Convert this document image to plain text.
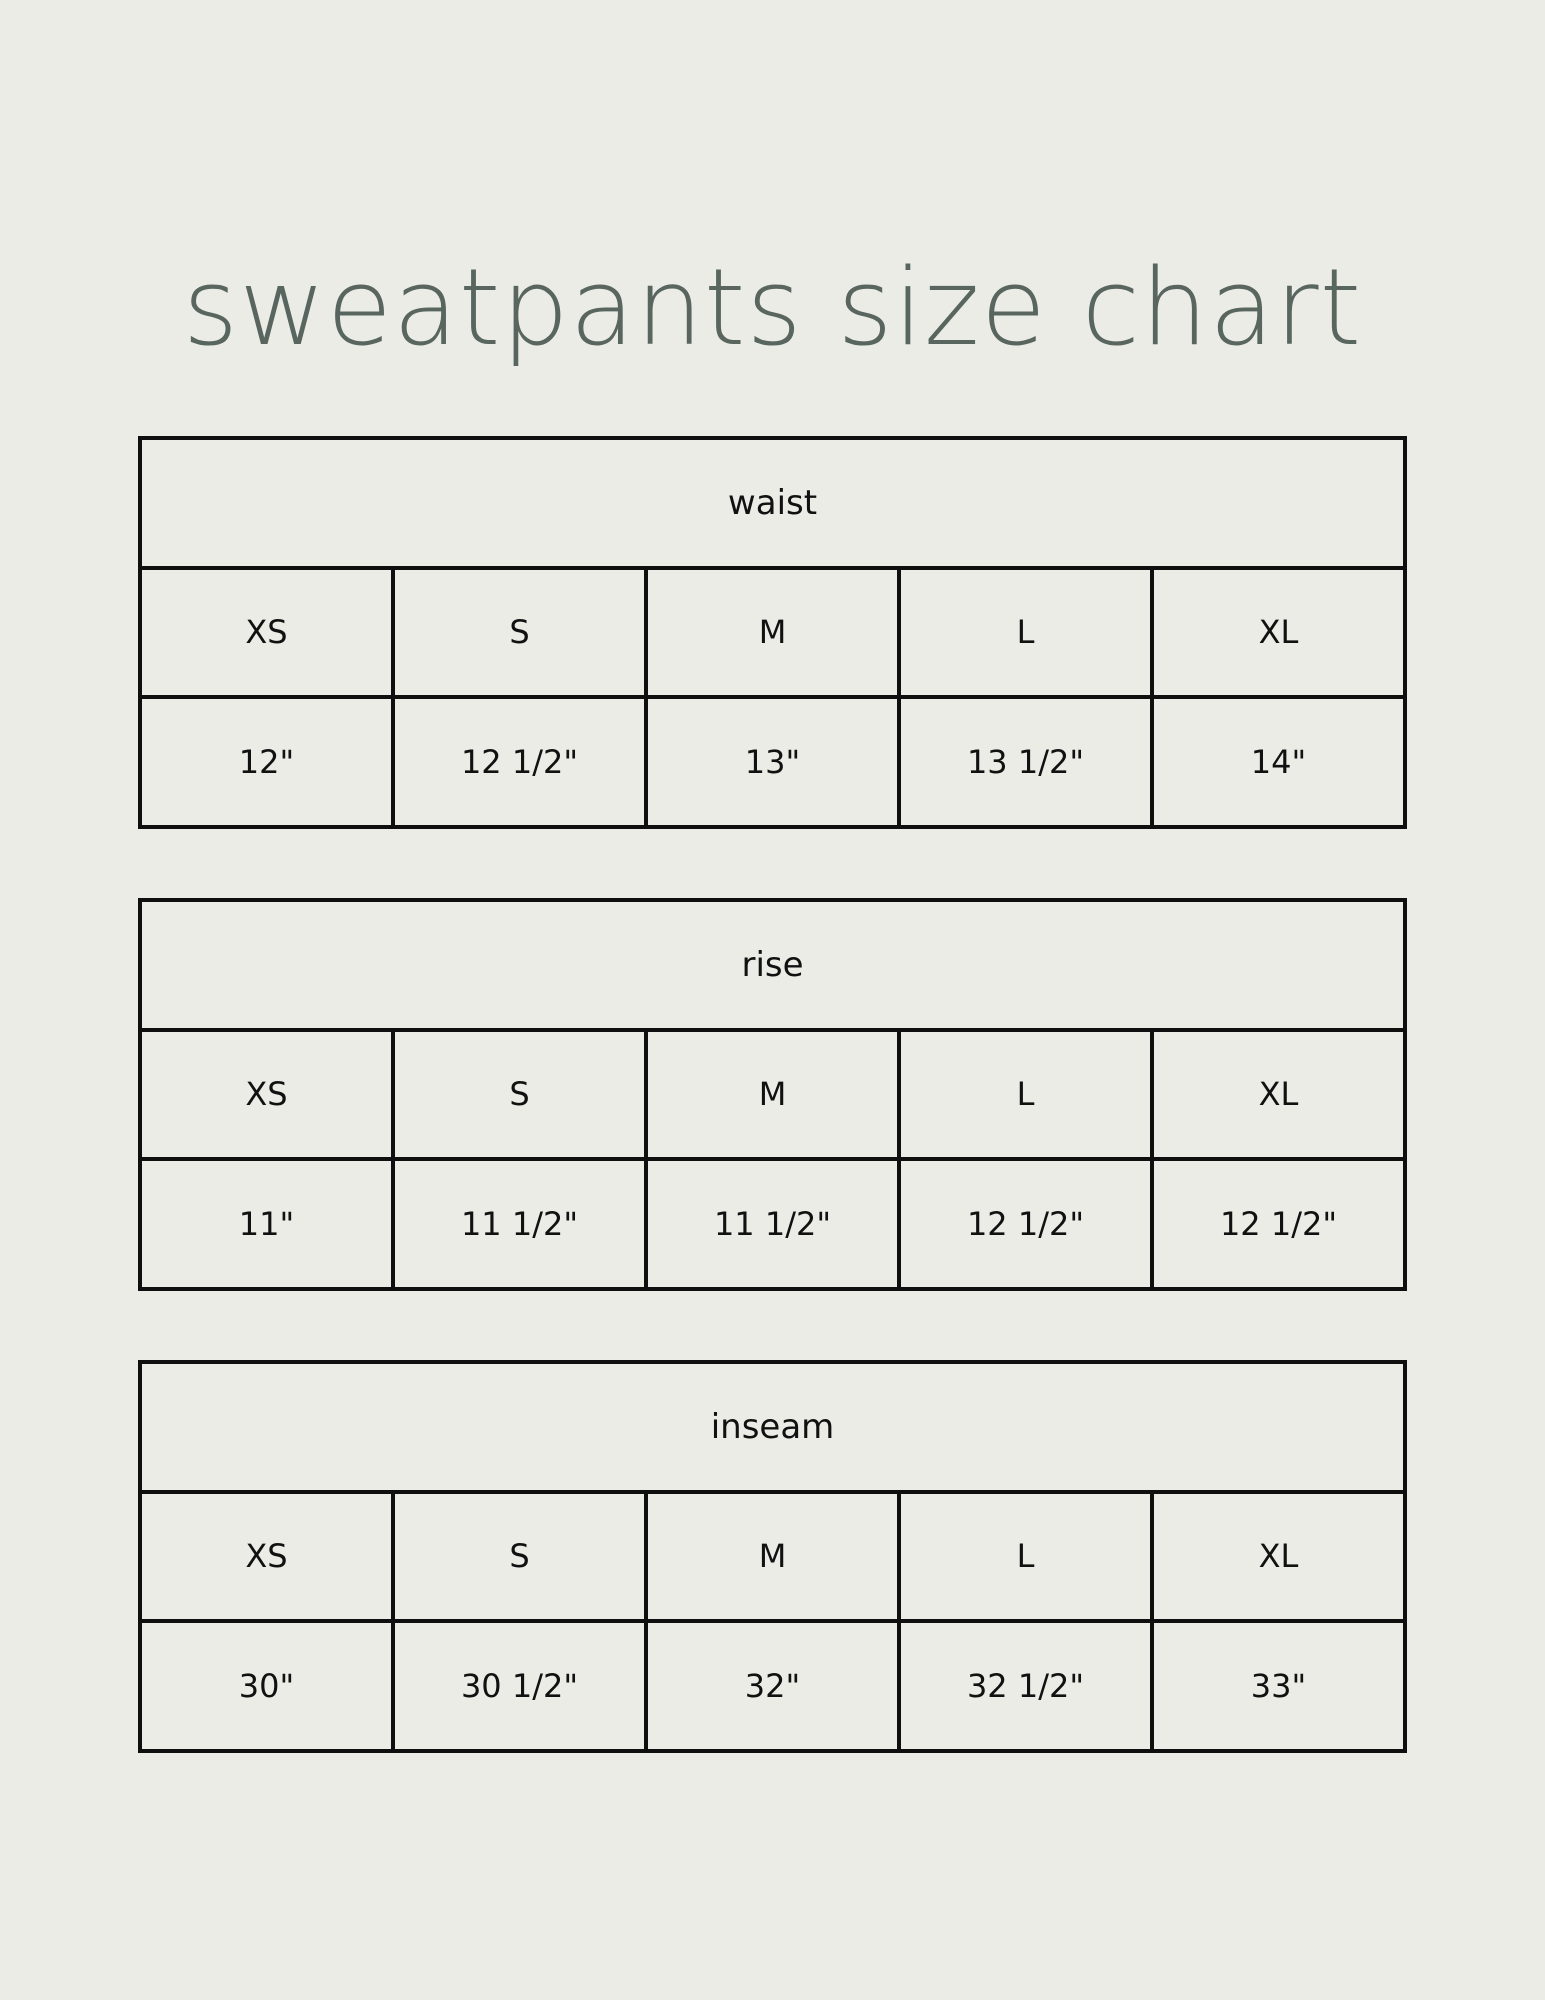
sweatpants size chart
waist				
XS	S	M	L	XL
12"	12 1/2"	13"	13 1/2"	14"
rise				
XS	S	M	L	XL
11"	11 1/2"	11 1/2"	12 1/2"	12 1/2"
inseam				
XS	S	M	L	XL
30"	30 1/2"	32"	32 1/2"	33"
